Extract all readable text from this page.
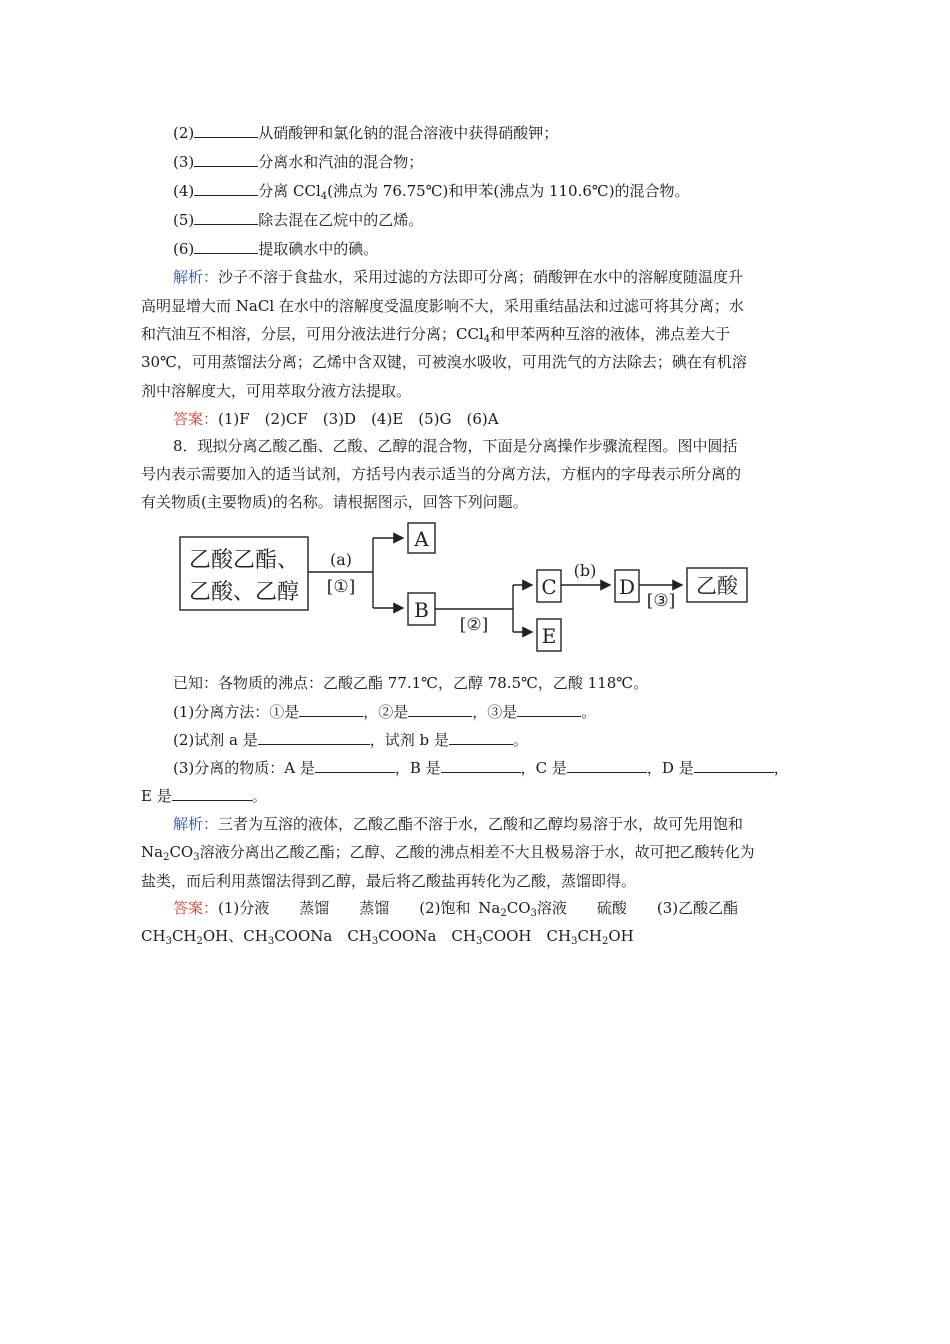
(2)	从硝酸钾和氯化钠的混合溶液中获得硝酸钾；
(3)	分离水和汽油的混合物；
(4)	分离 CCl$_4$(沸点为 76.75℃)和甲苯(沸点为 110.6℃)的混合物。
(5)	除去混在乙烷中的乙烯。
(6)	提取碘水中的碘。
解析：沙子不溶于食盐水，采用过滤的方法即可分离；硝酸钾在水中的溶解度随温度升
高明显增大而 NaCl 在水中的溶解度受温度影响不大，采用重结晶法和过滤可将其分离；水
和汽油互不相溶，分层，可用分液法进行分离；CCl$_4$和甲苯两种互溶的液体，沸点差大于
30℃，可用蒸馏法分离；乙烯中含双键，可被溴水吸收，可用洗气的方法除去；碘在有机溶
剂中溶解度大，可用萃取分液方法提取。
答案：(1)F　(2)CF　(3)D　(4)E　(5)G　(6)A
8．现拟分离乙酸乙酯、乙酸、乙醇的混合物，下面是分离操作步骤流程图。图中圆括
号内表示需要加入的适当试剂，方括号内表示适当的分离方法，方框内的字母表示所分离的
有关物质(主要物质)的名称。请根据图示，回答下列问题。
乙酸乙酯、
乙酸、乙醇
(a)
[①]
A
B
[②]
C
E
(b)
D
[③]
乙酸
已知：各物质的沸点：乙酸乙酯 77.1℃，乙醇 78.5℃，乙酸 118℃。
(1)分离方法：①是	，②是	，③是	。
(2)试剂 a 是	，试剂 b 是	。
(3)分离的物质：A 是	，B 是	，C 是	，D 是	，
E 是	。
解析：三者为互溶的液体，乙酸乙酯不溶于水，乙酸和乙醇均易溶于水，故可先用饱和
$Na_2CO_3$溶液分离出乙酸乙酯；乙醇、乙酸的沸点相差不大且极易溶于水，故可把乙酸转化为
盐类，而后利用蒸馏法得到乙醇，最后将乙酸盐再转化为乙酸，蒸馏即得。
答案：(1)分液　　蒸馏　　蒸馏　　(2)饱和 $Na_2CO_3$溶液　　硫酸　　(3)乙酸乙酯
$CH_3CH_2OH$、$CH_3COONa$　$CH_3COONa$　$CH_3COOH$　$CH_3CH_2OH$
